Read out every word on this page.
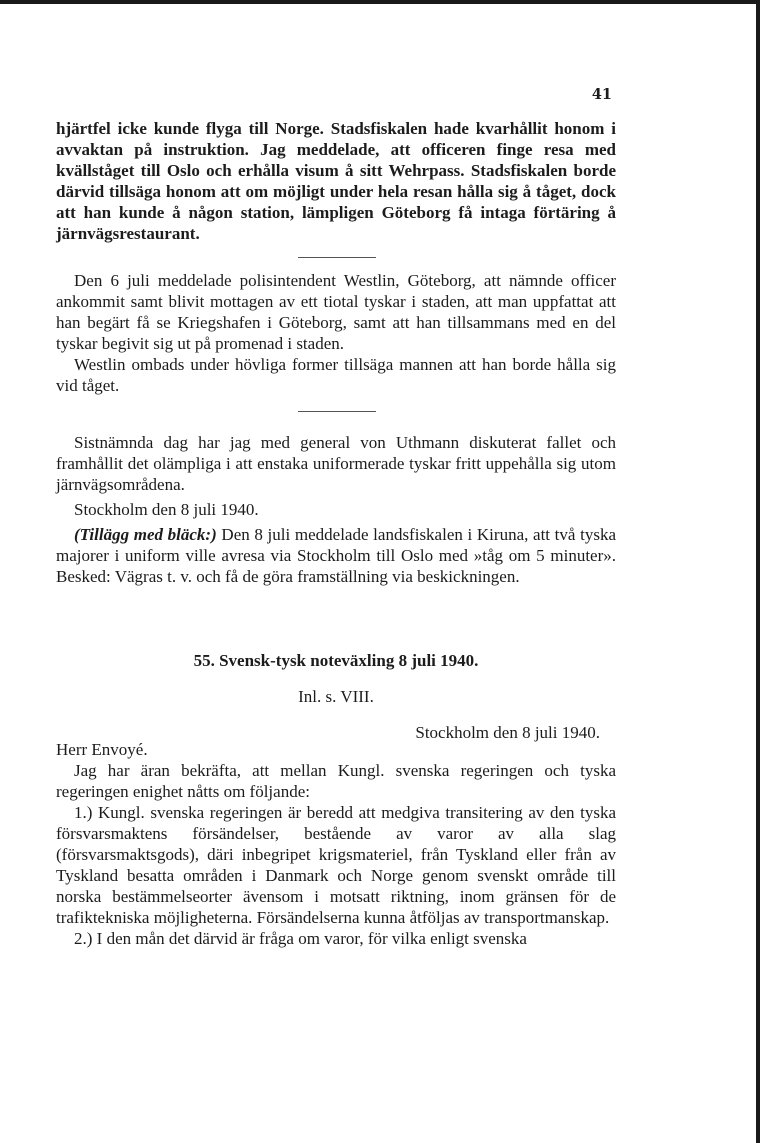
41

hjärtfel icke kunde flyga till Norge. Stadsfiskalen hade kvarhållit honom i avvaktan på instruktion. Jag meddelade, att officeren finge resa med kvällståget till Oslo och erhålla visum å sitt Wehrpass. Stadsfiskalen borde därvid tillsäga honom att om möjligt under hela resan hålla sig å tåget, dock att han kunde å någon station, lämpligen Göteborg få intaga förtäring å järnvägsrestaurant.

Den 6 juli meddelade polisintendent Westlin, Göteborg, att nämnde officer ankommit samt blivit mottagen av ett tiotal tyskar i staden, att man uppfattat att han begärt få se Kriegshafen i Göteborg, samt att han tillsammans med en del tyskar begivit sig ut på promenad i staden.

Westlin ombads under hövliga former tillsäga mannen att han borde hålla sig vid tåget.

Sistnämnda dag har jag med general von Uthmann diskuterat fallet och framhållit det olämpliga i att enstaka uniformerade tyskar fritt uppehålla sig utom järnvägsområdena.

Stockholm den 8 juli 1940.

(Tillägg med bläck:) Den 8 juli meddelade landsfiskalen i Kiruna, att två tyska majorer i uniform ville avresa via Stockholm till Oslo med »tåg om 5 minuter». Besked: Vägras t. v. och få de göra framställning via beskickningen.

55. Svensk-tysk noteväxling 8 juli 1940.

Inl. s. VIII.

Stockholm den 8 juli 1940.

Herr Envoyé.

Jag har äran bekräfta, att mellan Kungl. svenska regeringen och tyska regeringen enighet nåtts om följande:

1.) Kungl. svenska regeringen är beredd att medgiva transitering av den tyska försvarsmaktens försändelser, bestående av varor av alla slag (försvarsmaktsgods), däri inbegripet krigsmateriel, från Tyskland eller från av Tyskland besatta områden i Danmark och Norge genom svenskt område till norska bestämmelseorter ävensom i motsatt riktning, inom gränsen för de trafiktekniska möjligheterna. Försändelserna kunna åtföljas av transportmanskap.

2.) I den mån det därvid är fråga om varor, för vilka enligt svenska
